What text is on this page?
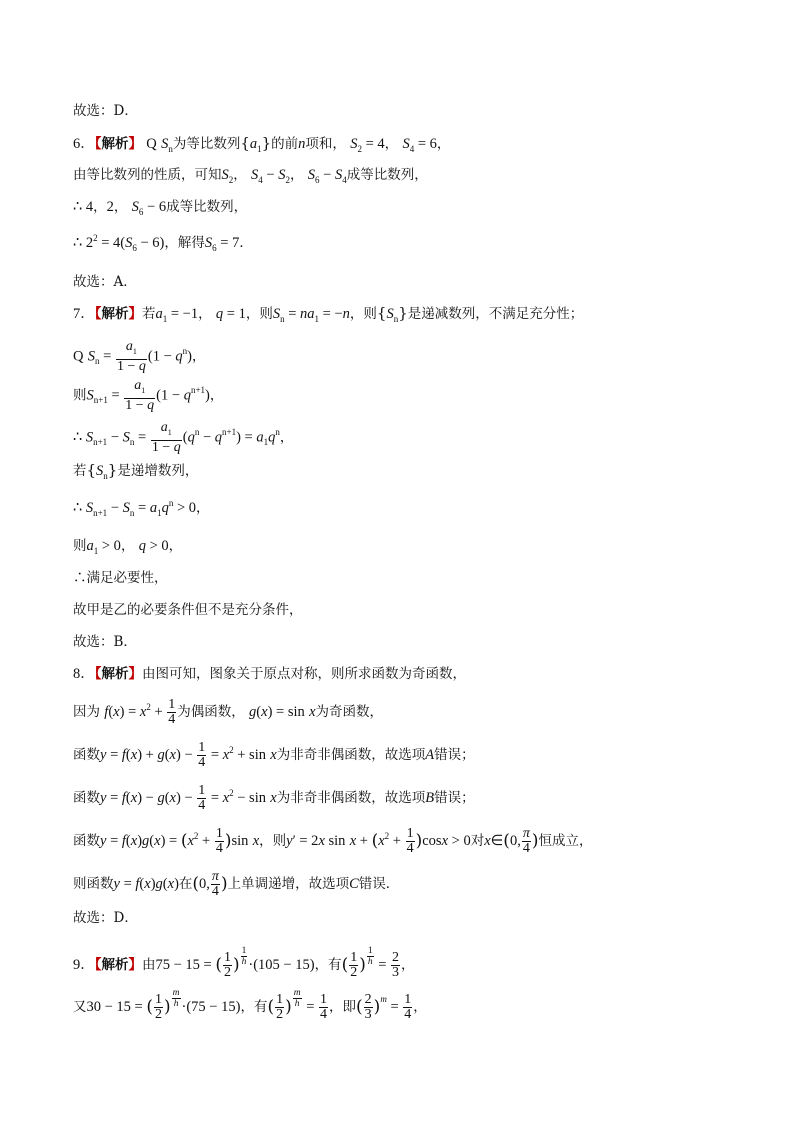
故选：D．
6．【解析】 Q $S_n$为等比数列$\{a_1\}$的前n项和， $S_2 = 4$， $S_4 = 6$，
由等比数列的性质，可知$S_2$， $S_4 - S_2$， $S_6 - S_4$成等比数列，
∴ 4，2， $S_6 - 6$成等比数列，
∴ $2^2 = 4(S_6 - 6)$，解得$S_6 = 7$．
故选：A．
7．【解析】若$a_1 = -1$， q = 1，则$S_n = na_1 = -n$，则$\{S_n\}$是递减数列，不满足充分性；
Q $S_n = \frac{a_1}{1 - q} (1 - q^n)$，
则$S_{n+1} = \frac{a_1}{1 - q} (1 - q^{n+1})$，
∴ $S_{n+1} - S_n = \frac{a_1}{1 - q} (q^n - q^{n+1}) = a_1q^n$，
若$\{S_n\}$是递增数列，
∴ $S_{n+1} - S_n = a_1q^n > 0$，
则$a_1 > 0$， q > 0，
∴满足必要性，
故甲是乙的必要条件但不是充分条件，
故选：B．
8．【解析】由图可知，图象关于原点对称，则所求函数为奇函数，
因为 $f(x) = x^2 + \frac{1}{4}$ 为偶函数， g(x) = sin x为奇函数，
函数$y = f(x) + g(x) - \frac{1}{4} = x^2 + \sin x$为非奇非偶函数，故选项A错误；
函数$y = f(x) - g(x) - \frac{1}{4} = x^2 - \sin x$为非奇非偶函数，故选项B错误；
函数$y = f(x)g(x) = (x^2 + \frac{1}{4} )\sin$ x，则y′ = 2x $\sin x + (x^2 + \frac{1}{4} )\cos x > 0$对x∈(0, $\frac{\pi}{4}$ )恒成立，
则函数y = f(x)g(x)在(0, $\frac{\pi}{4}$ )上单调递增，故选项C错误．
故选：D．
9．【解析】由75 − 15 = ( $\frac{1}{2}$ ) $\frac{1}{h} \cdot(105 - 15)$，有( $\frac{1}{2}$ ) $\frac{1}{h} = \frac{2}{3}$ ，
又30 − 15 = ( $\frac{1}{2}$ ) $\frac{m}{h} \cdot(75 - 15)$，有( $\frac{1}{2}$ ) $\frac{m}{h} = \frac{1}{4}$ ，即( $\frac{2}{3} )^m = \frac{1}{4}$ ，
